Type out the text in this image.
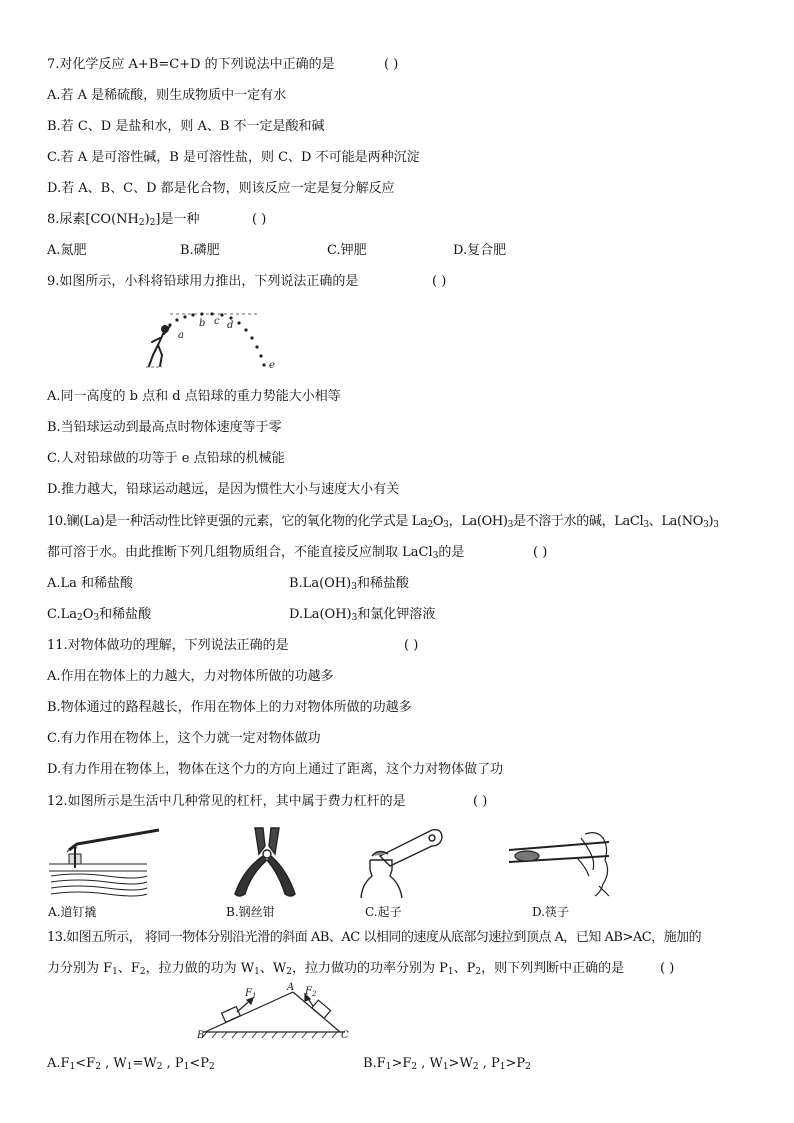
7.对化学反应 A+B=C+D 的下列说法中正确的是	( )
A.若 A 是稀硫酸，则生成物质中一定有水
B.若 C、D 是盐和水，则 A、B 不一定是酸和碱
C.若 A 是可溶性碱，B 是可溶性盐，则 C、D 不可能是两种沉淀
D.若 A、B、C、D 都是化合物，则该反应一定是复分解反应
8.尿素$[CO(NH_2)_2]$是一种	( )
A.氮肥	B.磷肥	C.钾肥	D.复合肥
9.如图所示，小科将铅球用力推出，下列说法正确的是	( )
a
b c d
e
A.同一高度的 b 点和 d 点铅球的重力势能大小相等
B.当铅球运动到最高点时物体速度等于零
C.人对铅球做的功等于 e 点铅球的机械能
D.推力越大，铅球运动越远，是因为惯性大小与速度大小有关
10.镧(La)是一种活动性比锌更强的元素，它的氧化物的化学式是 $La_2O_3$，$La(OH)_3$是不溶于水的碱，LaCl$_3$、$La(NO_3)_3$
都可溶于水。由此推断下列几组物质组合，不能直接反应制取 LaCl$_3$的是	( )
A.La 和稀盐酸	$B.La(OH)_3$和稀盐酸
$C.La_2O_3$和稀盐酸	$D.La(OH)_3$和氯化钾溶液
11.对物体做功的理解，下列说法正确的是	( )
A.作用在物体上的力越大，力对物体所做的功越多
B.物体通过的路程越长，作用在物体上的力对物体所做的功越多
C.有力作用在物体上，这个力就一定对物体做功
D.有力作用在物体上，物体在这个力的方向上通过了距离，这个力对物体做了功
12.如图所示是生活中几种常见的杠杆，其中属于费力杠杆的是	( )
A.道钉撬	B.钢丝钳	C.起子	D.筷子
13.如图五所示， 将同一物体分别沿光滑的斜面 AB、AC 以相同的速度从底部匀速拉到顶点 A，已知 AB>AC，施加的
力分别为 $F_1$、$F_2$，拉力做的功为 $W_1$、$W_2$，拉力做功的功率分别为 $P_1$、$P_2$，则下列判断中正确的是	( )
$F_1$	$F_2$
A
B	C
$A.F_1<F_2$ , $W_1=W_2$ , $P_1<P_2$	$B.F_1>F_2$ , $W_1>W_2$ , $P_1>P_2$
